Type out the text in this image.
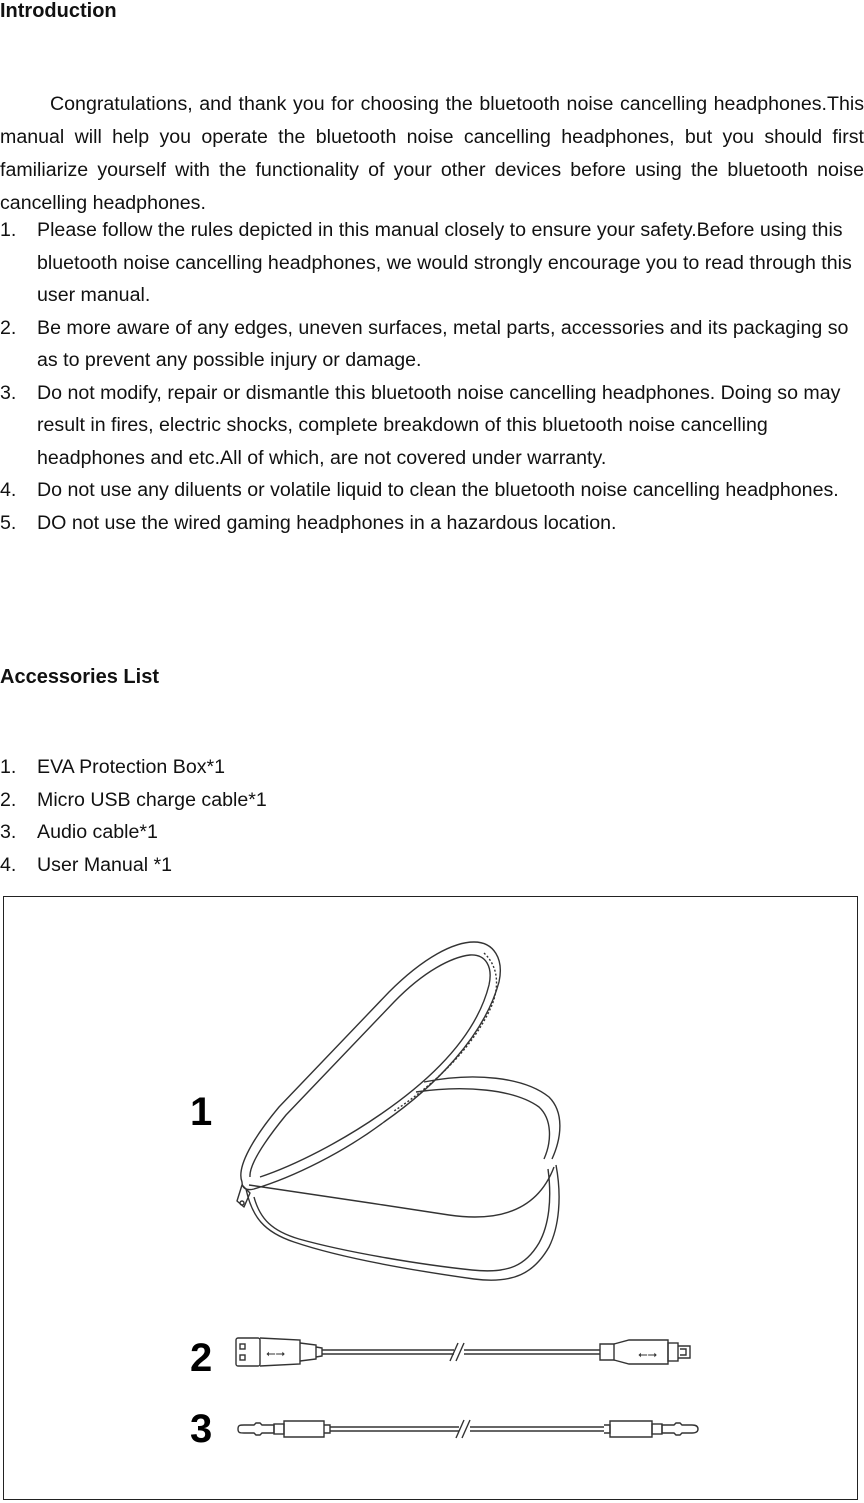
Introduction

Congratulations, and thank you for choosing the bluetooth noise cancelling headphones.This manual will help you operate the bluetooth noise cancelling headphones, but you should first familiarize yourself with the functionality of your other devices before using the bluetooth noise cancelling headphones.

1. Please follow the rules depicted in this manual closely to ensure your safety.Before using this bluetooth noise cancelling headphones, we would strongly encourage you to read through this user manual.
2. Be more aware of any edges, uneven surfaces, metal parts, accessories and its packaging so as to prevent any possible injury or damage.
3. Do not modify, repair or dismantle this bluetooth noise cancelling headphones. Doing so may result in fires, electric shocks, complete breakdown of this bluetooth noise cancelling headphones and etc.All of which, are not covered under warranty.
4. Do not use any diluents or volatile liquid to clean the bluetooth noise cancelling headphones.
5. DO not use the wired gaming headphones in a hazardous location.
Accessories List
1. EVA Protection Box*1
2. Micro USB charge cable*1
3. Audio cable*1
4. User Manual *1
1
2
3
⭠⭢	⭠⭢
